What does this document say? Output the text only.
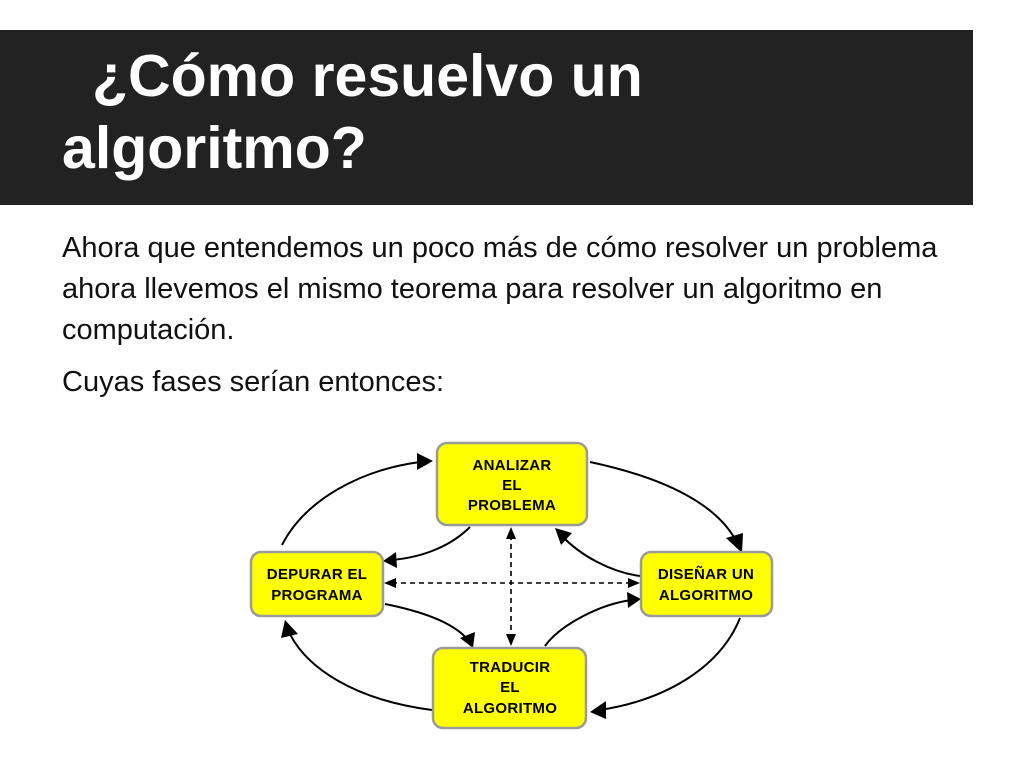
¿Cómo resuelvo un algoritmo?

Ahora que entendemos un poco más de cómo resolver un problema ahora llevemos el mismo teorema para resolver un algoritmo en computación.

Cuyas fases serían entonces:

ANALIZAR
EL
PROBLEMA
DISEÑAR UN
ALGORITMO
TRADUCIR
EL
ALGORITMO
DEPURAR EL
PROGRAMA
